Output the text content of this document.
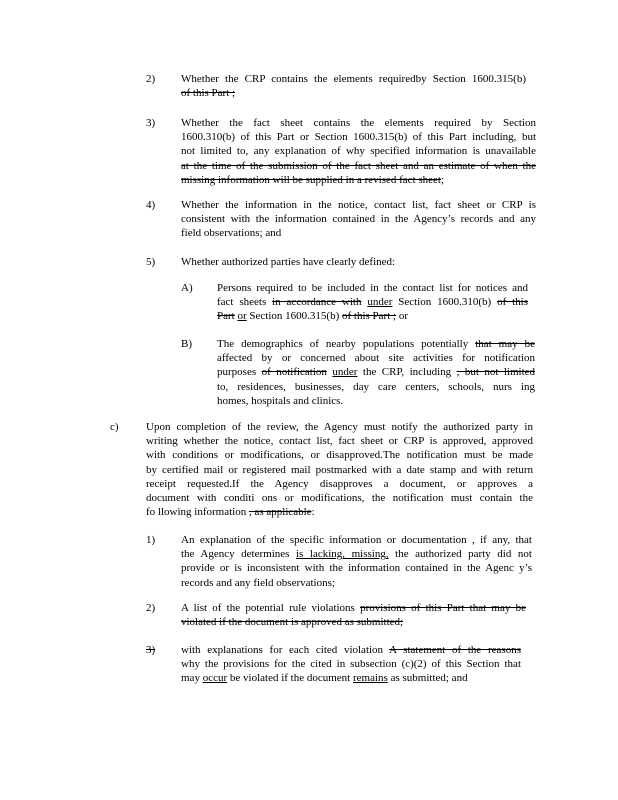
2) Whether the CRP contains the elements requiredby Section 1600.315(b)
of this Part ;
3) Whether the fact sheet contains the elements required by Section
1600.310(b) of this Part or Section 1600.315(b) of this Part including, but
not limited to, any explanation of why specified information is unavailable
at the time of the submission of the fact sheet and an estimate of when the
missing information will be supplied in a revised fact sheet;
4) Whether the information in the notice, contact list, fact sheet or CRP is
consistent with the information contained in the Agency’s records and any
field observations; and
5) Whether authorized parties have clearly defined:
A) Persons required to be included in the contact list for notices and
fact sheets in accordance with under Section 1600.310(b) of this
Part or Section 1600.315(b) of this Part ; or
B) The demographics of nearby populations potentially that may be
affected by or concerned about site activities for notification
purposes of notification under the CRP, including , but not limited
to, residences, businesses, day care centers, schools, nurs ing
homes, hospitals and clinics.
c) Upon completion of the review, the Agency must notify the authorized party in
writing whether the notice, contact list, fact sheet or CRP is approved, approved
with conditions or modifications, or disapproved.The notification must be made
by certified mail or registered mail postmarked with a date stamp and with return
receipt requested.If the Agency disapproves a document, or approves a
document with conditi ons or modifications, the notification must contain the
fo llowing information , as applicable:
1) An explanation of the specific information or documentation , if any, that
the Agency determines is lacking, missing, the authorized party did not
provide or is inconsistent with the information contained in the Agenc y’s
records and any field observations;
2) A list of the potential rule violations provisions of this Part that may be
violated if the document is approved as submitted;
3) with explanations for each cited violation A statement of the reasons
why the provisions for the cited in subsection (c)(2) of this Section that
may occur be violated if the document remains as submitted; and
